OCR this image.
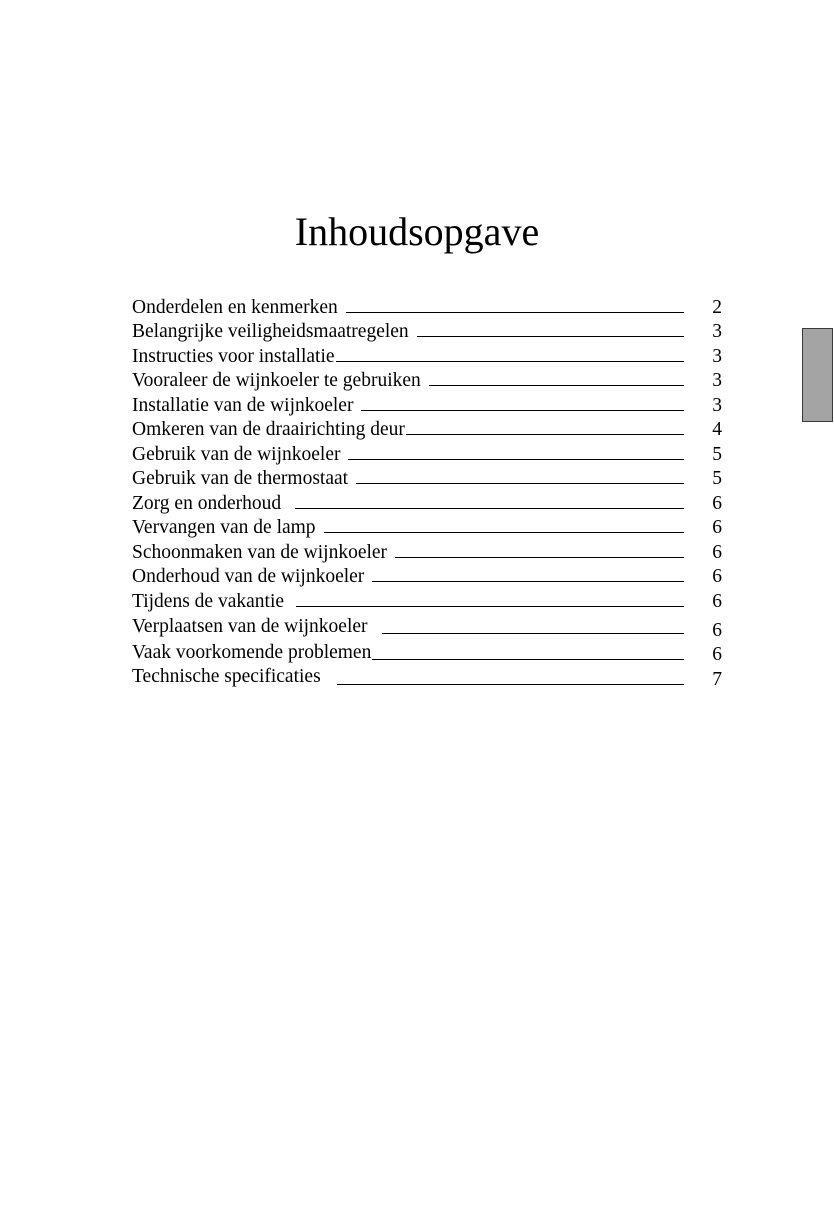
Inhoudsopgave
Onderdelen en kenmerken	2
Belangrijke veiligheidsmaatregelen	3
Instructies voor installatie	3
Vooraleer de wijnkoeler te gebruiken	3
Installatie van de wijnkoeler	3
Omkeren van de draairichting deur	4
Gebruik van de wijnkoeler	5
Gebruik van de thermostaat	5
Zorg en onderhoud	6
Vervangen van de lamp	6
Schoonmaken van de wijnkoeler	6
Onderhoud van de wijnkoeler	6
Tijdens de vakantie	6
Verplaatsen van de wijnkoeler	6
Vaak voorkomende problemen	6
Technische specificaties	7
